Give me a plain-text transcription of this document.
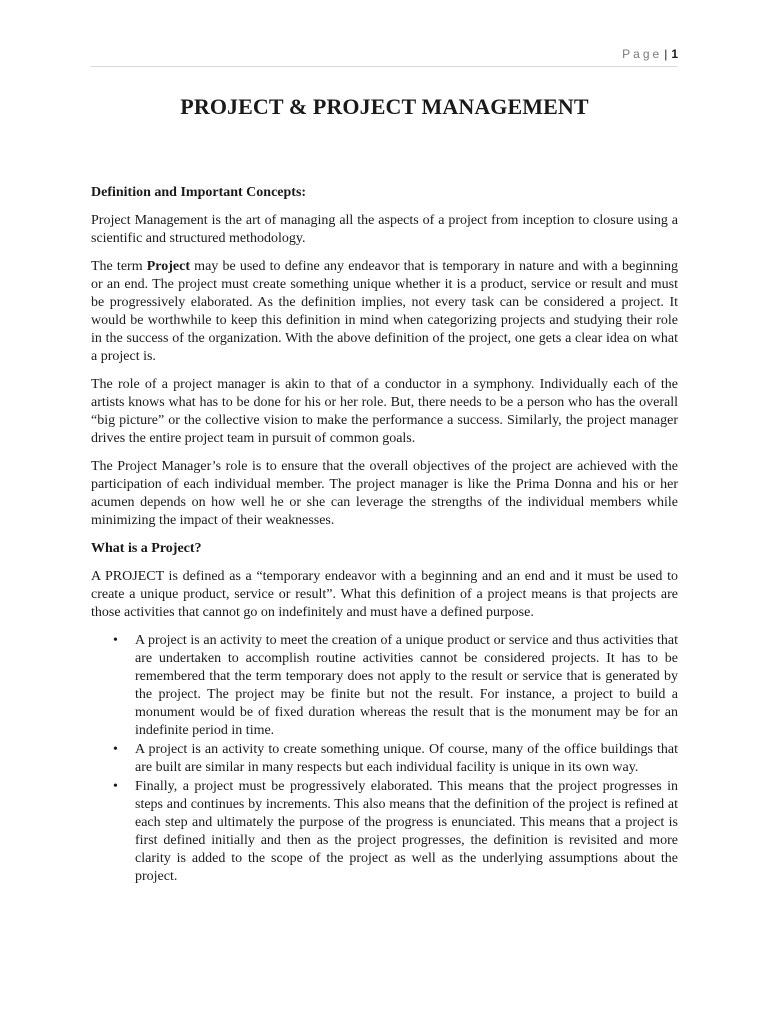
Page | 1
PROJECT & PROJECT MANAGEMENT
Definition and Important Concepts:

Project Management is the art of managing all the aspects of a project from inception to closure using a scientific and structured methodology.

The term Project may be used to define any endeavor that is temporary in nature and with a beginning or an end. The project must create something unique whether it is a product, service or result and must be progressively elaborated. As the definition implies, not every task can be considered a project. It would be worthwhile to keep this definition in mind when categorizing projects and studying their role in the success of the organization. With the above definition of the project, one gets a clear idea on what a project is.

The role of a project manager is akin to that of a conductor in a symphony. Individually each of the artists knows what has to be done for his or her role. But, there needs to be a person who has the overall “big picture” or the collective vision to make the performance a success. Similarly, the project manager drives the entire project team in pursuit of common goals.

The Project Manager’s role is to ensure that the overall objectives of the project are achieved with the participation of each individual member. The project manager is like the Prima Donna and his or her acumen depends on how well he or she can leverage the strengths of the individual members while minimizing the impact of their weaknesses.

What is a Project?

A PROJECT is defined as a “temporary endeavor with a beginning and an end and it must be used to create a unique product, service or result”. What this definition of a project means is that projects are those activities that cannot go on indefinitely and must have a defined purpose.

• A project is an activity to meet the creation of a unique product or service and thus activities that are undertaken to accomplish routine activities cannot be considered projects. It has to be remembered that the term temporary does not apply to the result or service that is generated by the project. The project may be finite but not the result. For instance, a project to build a monument would be of fixed duration whereas the result that is the monument may be for an indefinite period in time.
• A project is an activity to create something unique. Of course, many of the office buildings that are built are similar in many respects but each individual facility is unique in its own way.
• Finally, a project must be progressively elaborated. This means that the project progresses in steps and continues by increments. This also means that the definition of the project is refined at each step and ultimately the purpose of the progress is enunciated. This means that a project is first defined initially and then as the project progresses, the definition is revisited and more clarity is added to the scope of the project as well as the underlying assumptions about the project.
